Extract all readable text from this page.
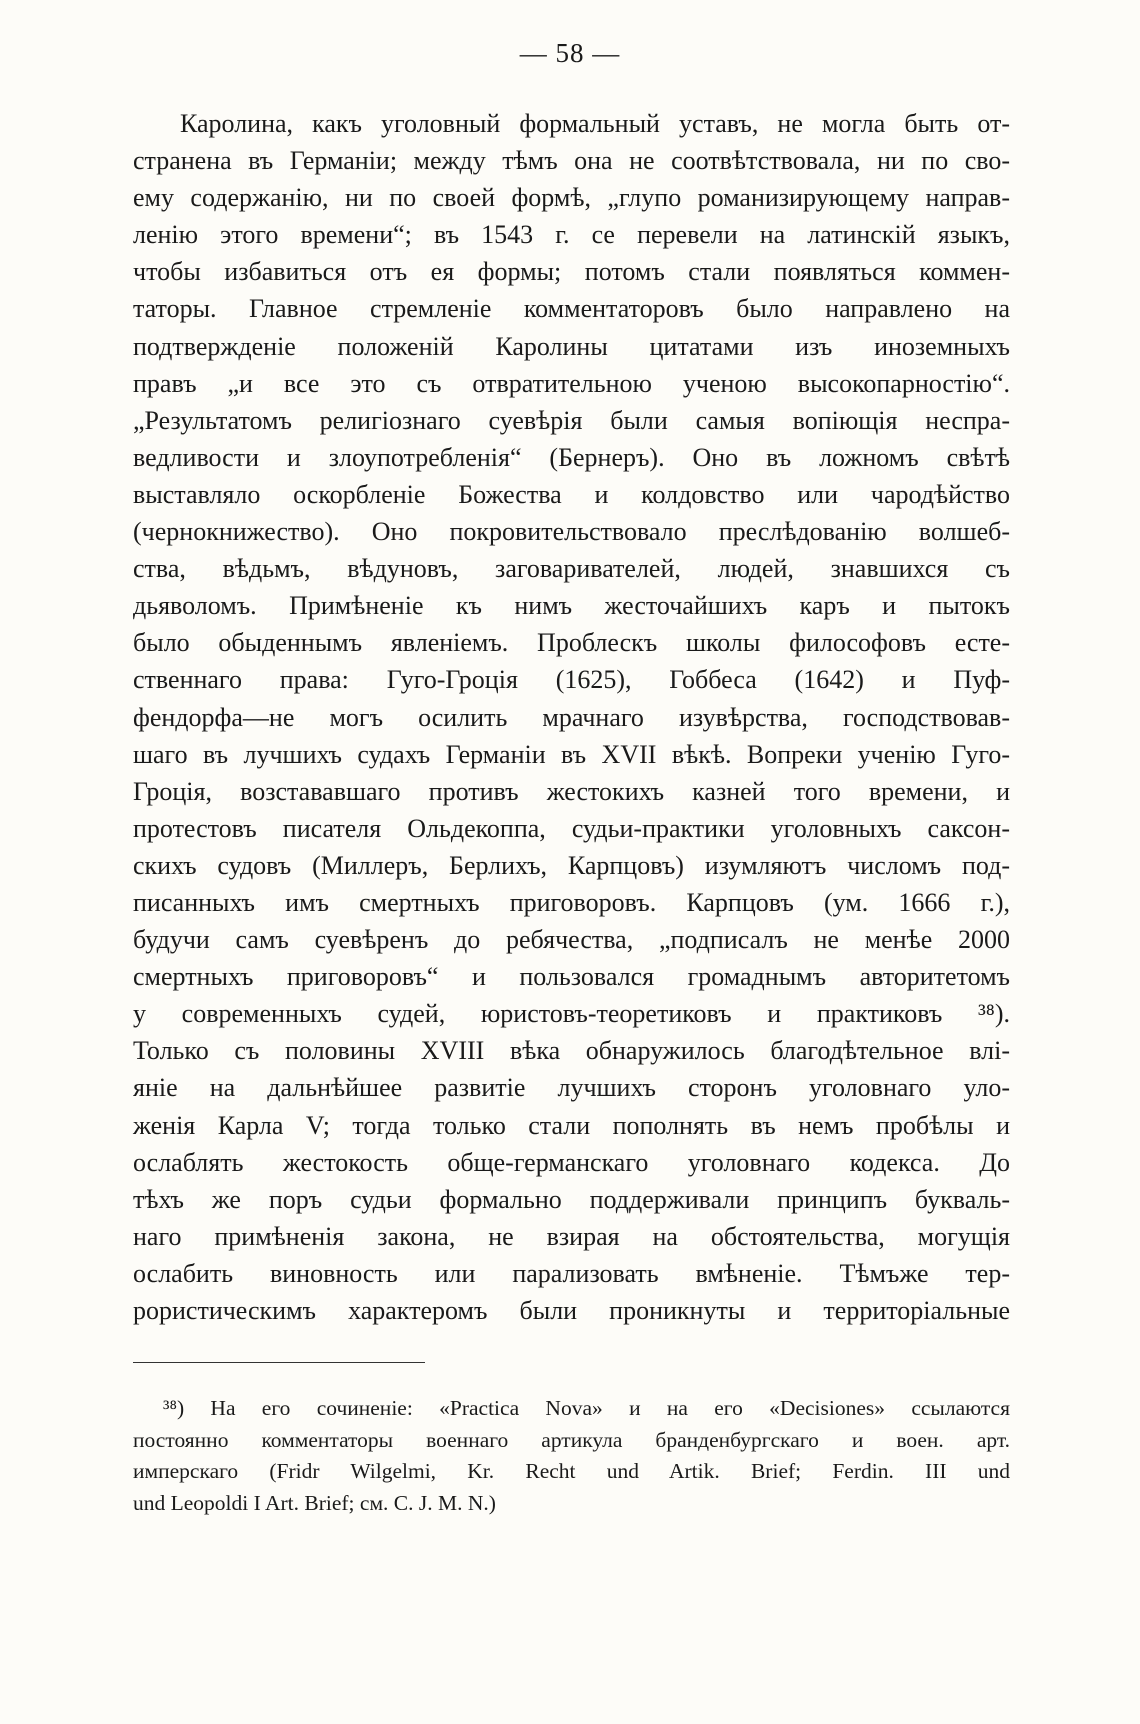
— 58 —
Каролина, какъ уголовный формальный уставъ, не могла быть от-
странена въ Германіи; между тѣмъ она не соотвѣтствовала, ни по сво-
ему содержанію, ни по своей формѣ, „глупо романизирующему направ-
ленію этого времени“; въ 1543 г. се перевели на латинскій языкъ,
чтобы избавиться отъ ея формы; потомъ стали появляться коммен-
таторы. Главное стремленіе комментаторовъ было направлено на
подтвержденіе положеній Каролины цитатами изъ иноземныхъ
правъ „и все это съ отвратительною ученою высокопарностію“.
„Результатомъ религіознаго суевѣрія были самыя вопіющія неспра-
ведливости и злоупотребленія“ (Бернеръ). Оно въ ложномъ свѣтѣ
выставляло оскорбленіе Божества и колдовство или чародѣйство
(чернокнижество). Оно покровительствовало преслѣдованію волшеб-
ства, вѣдьмъ, вѣдуновъ, заговаривателей, людей, знавшихся съ
дьяволомъ. Примѣненіе къ нимъ жесточайшихъ каръ и пытокъ
было обыденнымъ явленіемъ. Проблескъ школы философовъ есте-
ственнаго права: Гуго-Гроція (1625), Гоббеса (1642) и Пуф-
фендорфа—не могъ осилить мрачнаго изувѣрства, господствовав-
шаго въ лучшихъ судахъ Германіи въ XVII вѣкѣ. Вопреки ученію Гуго-
Гроція, возстававшаго противъ жестокихъ казней того времени, и
протестовъ писателя Ольдекоппа, судьи-практики уголовныхъ саксон-
скихъ судовъ (Миллеръ, Берлихъ, Карпцовъ) изумляютъ числомъ под-
писанныхъ имъ смертныхъ приговоровъ. Карпцовъ (ум. 1666 г.),
будучи самъ суевѣренъ до ребячества, „подписалъ не менѣе 2000
смертныхъ приговоровъ“ и пользовался громаднымъ авторитетомъ
у современныхъ судей, юристовъ-теоретиковъ и практиковъ ³⁸).
Только съ половины XVIII вѣка обнаружилось благодѣтельное влі-
яніе на дальнѣйшее развитіе лучшихъ сторонъ уголовнаго уло-
женія Карла V; тогда только стали пополнять въ немъ пробѣлы и
ослаблять жестокость обще-германскаго уголовнаго кодекса. До
тѣхъ же поръ судьи формально поддерживали принципъ букваль-
наго примѣненія закона, не взирая на обстоятельства, могущія
ослабить виновность или парализовать вмѣненіе. Тѣмъже тер-
рористическимъ характеромъ были проникнуты и территоріальные
³⁸) На его сочиненіе: «Practica Nova» и на его «Decisiones» ссылаются
постоянно комментаторы военнаго артикула бранденбургскаго и воен. арт.
имперскаго (Fridr Wilgelmi, Kr. Recht und Artik. Brief; Ferdin. III und
und Leopoldi I Art. Brief; см. С. J. M. N.)
